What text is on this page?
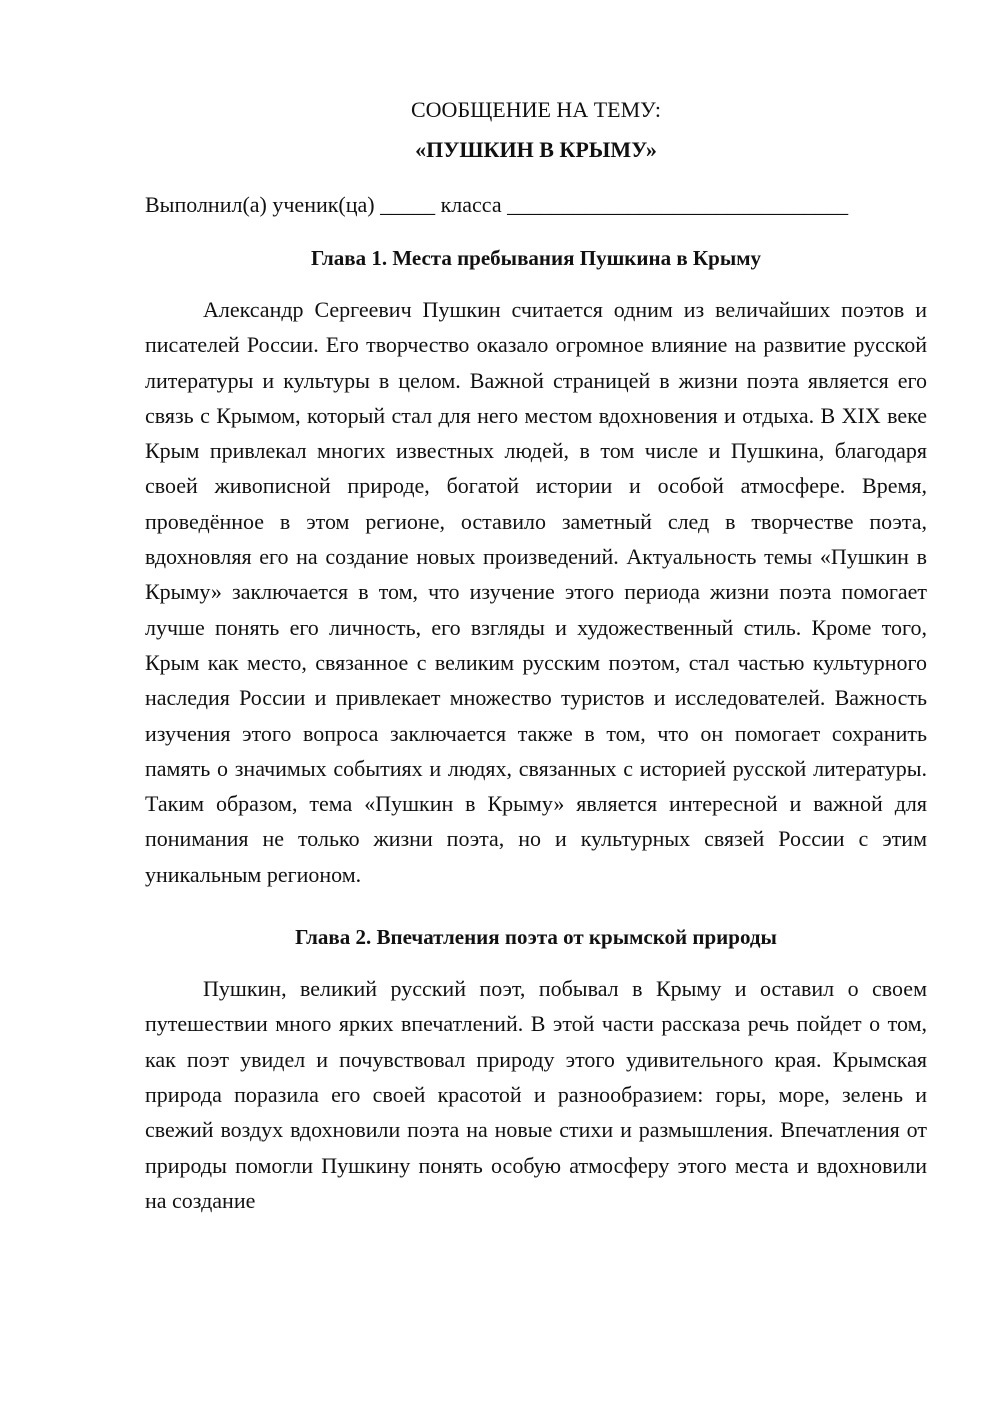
СООБЩЕНИЕ НА ТЕМУ:

«ПУШКИН В КРЫМУ»

Выполнил(а) ученик(ца) _____ класса _______________________________

Глава 1. Места пребывания Пушкина в Крыму

Александр Сергеевич Пушкин считается одним из величайших поэтов и писателей России. Его творчество оказало огромное влияние на развитие русской литературы и культуры в целом. Важной страницей в жизни поэта является его связь с Крымом, который стал для него местом вдохновения и отдыха. В XIX веке Крым привлекал многих известных людей, в том числе и Пушкина, благодаря своей живописной природе, богатой истории и особой атмосфере. Время, проведённое в этом регионе, оставило заметный след в творчестве поэта, вдохновляя его на создание новых произведений. Актуальность темы «Пушкин в Крыму» заключается в том, что изучение этого периода жизни поэта помогает лучше понять его личность, его взгляды и художественный стиль. Кроме того, Крым как место, связанное с великим русским поэтом, стал частью культурного наследия России и привлекает множество туристов и исследователей. Важность изучения этого вопроса заключается также в том, что он помогает сохранить память о значимых событиях и людях, связанных с историей русской литературы. Таким образом, тема «Пушкин в Крыму» является интересной и важной для понимания не только жизни поэта, но и культурных связей России с этим уникальным регионом.

Глава 2. Впечатления поэта от крымской природы

Пушкин, великий русский поэт, побывал в Крыму и оставил о своем путешествии много ярких впечатлений. В этой части рассказа речь пойдет о том, как поэт увидел и почувствовал природу этого удивительного края. Крымская природа поразила его своей красотой и разнообразием: горы, море, зелень и свежий воздух вдохновили поэта на новые стихи и размышления. Впечатления от природы помогли Пушкину понять особую атмосферу этого места и вдохновили на создание
